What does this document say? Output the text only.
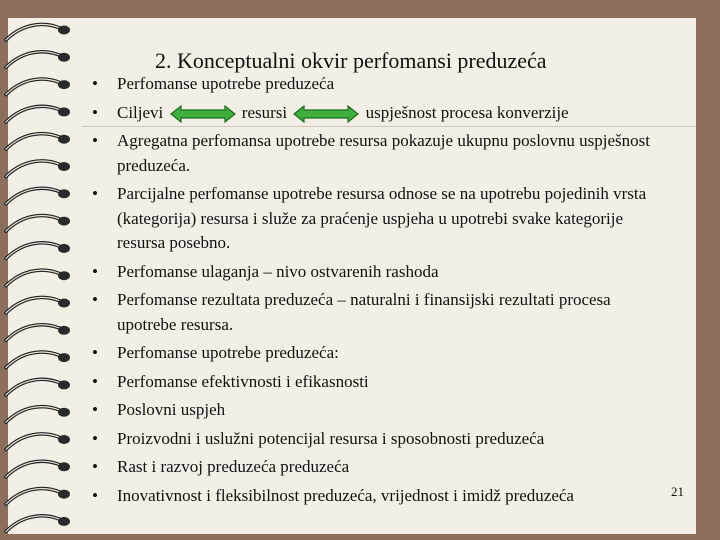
2. Konceptualni okvir perfomansi preduzeća
• Perfomanse upotrebe preduzeća
• Ciljevi	resursi	uspješnost procesa konverzije
• Agregatna perfomansa upotrebe resursa pokazuje ukupnu poslovnu uspješnost preduzeća.
• Parcijalne perfomanse upotrebe resursa odnose se na upotrebu pojedinih vrsta (kategorija) resursa i služe za praćenje uspjeha u upotrebi svake kategorije resursa posebno.
• Perfomanse ulaganja – nivo ostvarenih rashoda
• Perfomanse rezultata preduzeća – naturalni i finansijski rezultati procesa upotrebe resursa.
• Perfomanse upotrebe preduzeća:
• Perfomanse efektivnosti i efikasnosti
• Poslovni uspjeh
• Proizvodni i uslužni potencijal resursa i sposobnosti preduzeća
• Rast i razvoj preduzeća preduzeća
• Inovativnost i fleksibilnost preduzeća, vrijednost i imidž preduzeća	21
